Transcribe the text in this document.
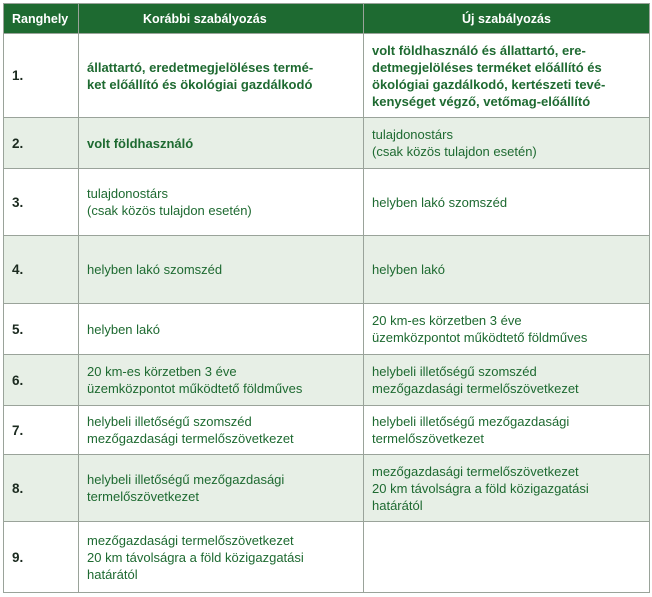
Ranghely	Korábbi szabályozás	Új szabályozás
1.	állattartó, eredetmegjelöléses termé-
ket előállító és ökológiai gazdálkodó	volt földhasználó és állattartó, ere-
detmegjelöléses terméket előállító és
ökológiai gazdálkodó, kertészeti tevé-
kenységet végző, vetőmag-előállító

2.	volt földhasználó	tulajdonostárs
(csak közös tulajdon esetén)

3.	tulajdonostárs
(csak közös tulajdon esetén)	helyben lakó szomszéd

4.	helyben lakó szomszéd	helyben lakó

5.	helyben lakó	20 km-es körzetben 3 éve
üzemközpontot működtető földműves

6.	20 km-es körzetben 3 éve
üzemközpontot működtető földműves	helybeli illetőségű szomszéd
mezőgazdasági termelőszövetkezet

7.	helybeli illetőségű szomszéd
mezőgazdasági termelőszövetkezet	helybeli illetőségű mezőgazdasági
termelőszövetkezet

8.	helybeli illetőségű mezőgazdasági
termelőszövetkezet	mezőgazdasági termelőszövetkezet
20 km távolságra a föld közigazgatási
határától

9.	mezőgazdasági termelőszövetkezet
20 km távolságra a föld közigazgatási
határától	
